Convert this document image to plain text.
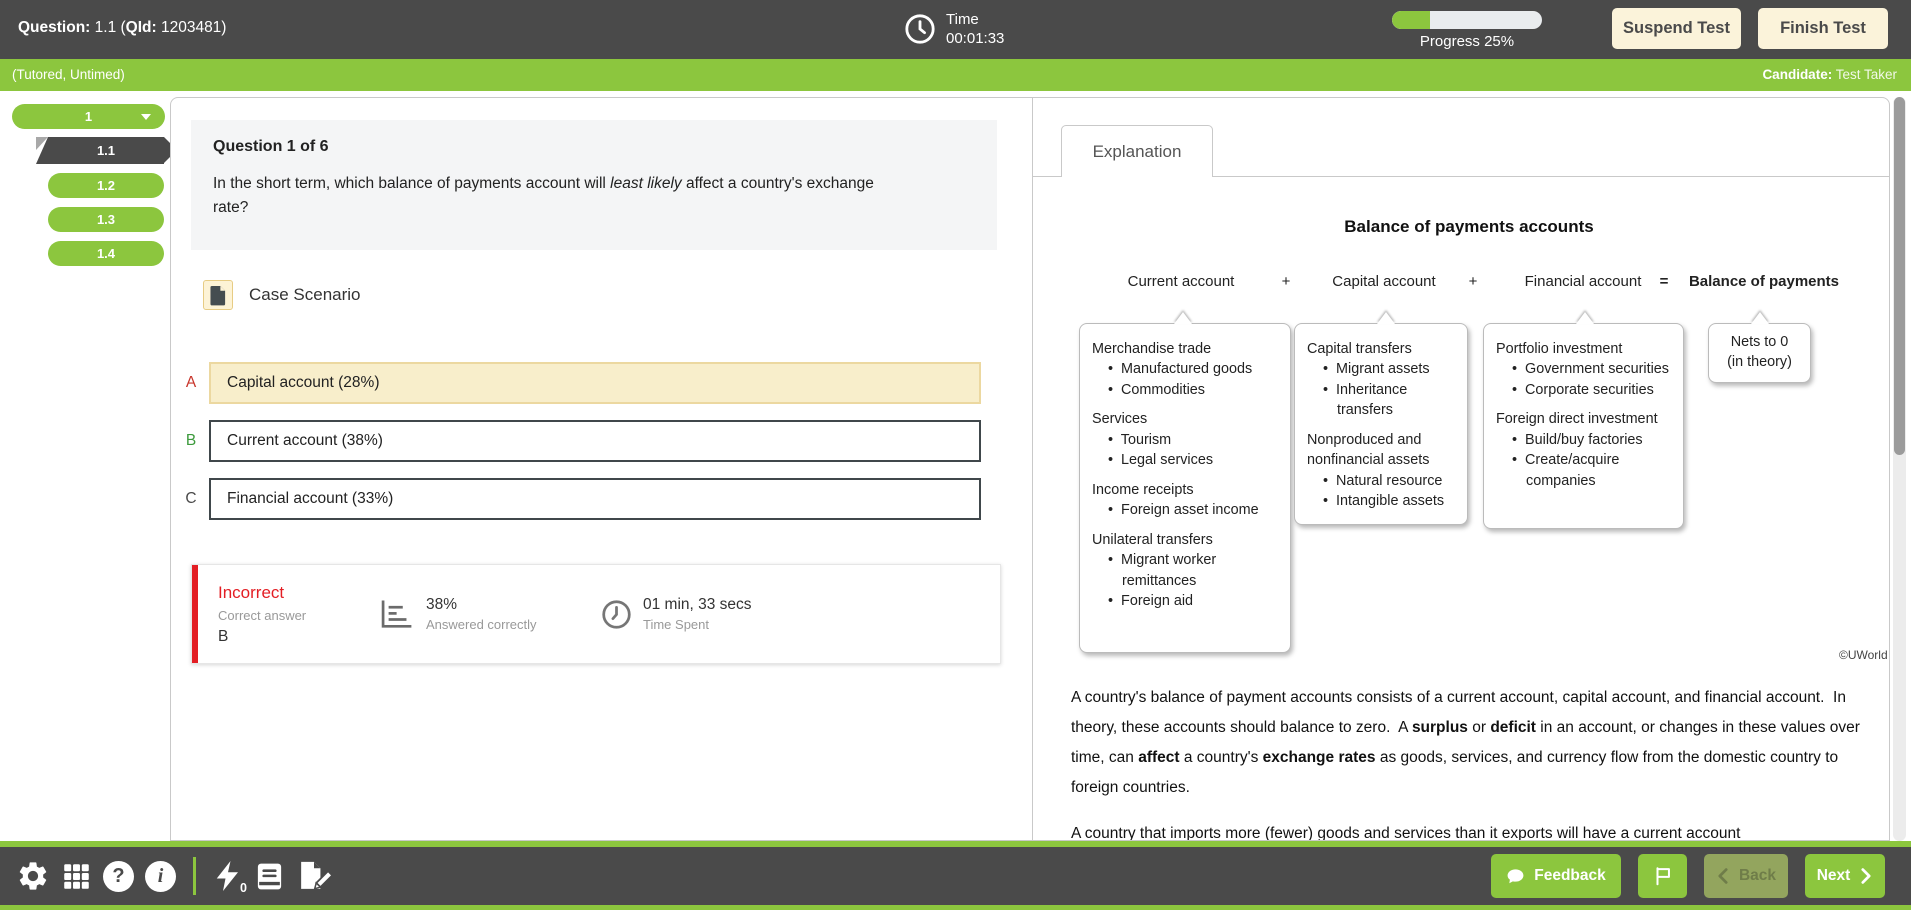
Question: 1.1 (QId: 1203481)	Time
00:01:33	Progress 25%
Suspend Test	Finish Test
(Tutored, Untimed)	Candidate: Test Taker
1
1.1
1.2
1.3
1.4
Question 1 of 6
In the short term, which balance of payments account will least likely affect a country's exchange rate?
Case Scenario
A	Capital account (28%)
B	Current account (38%)
C	Financial account (33%)
Incorrect
Correct answer
B
38%
Answered correctly
01 min, 33 secs
Time Spent
Explanation
Balance of payments accounts
Current account	+	Capital account +	Financial account = Balance of payments
Merchandise trade
•  Manufactured goods
•  Commodities
Services
•  Tourism
•  Legal services
Income receipts
•  Foreign asset income
Unilateral transfers
•  Migrant worker remittances
•  Foreign aid
Capital transfers
•  Migrant assets
•  Inheritance transfers
Nonproduced and nonfinancial assets
•  Natural resource
•  Intangible assets
Portfolio investment
•  Government securities
•  Corporate securities
Foreign direct investment
•  Build/buy factories
•  Create/acquire companies
Nets to 0
(in theory)
©UWorld

A country's balance of payment accounts consists of a current account, capital account, and financial account.  In theory, these accounts should balance to zero.  A surplus or deficit in an account, or changes in these values over time, can affect a country's exchange rates as goods, services, and currency flow from the domestic country to foreign countries.

A country that imports more (fewer) goods and services than it exports will have a current account

?	i
0
Feedback	Back	Next
